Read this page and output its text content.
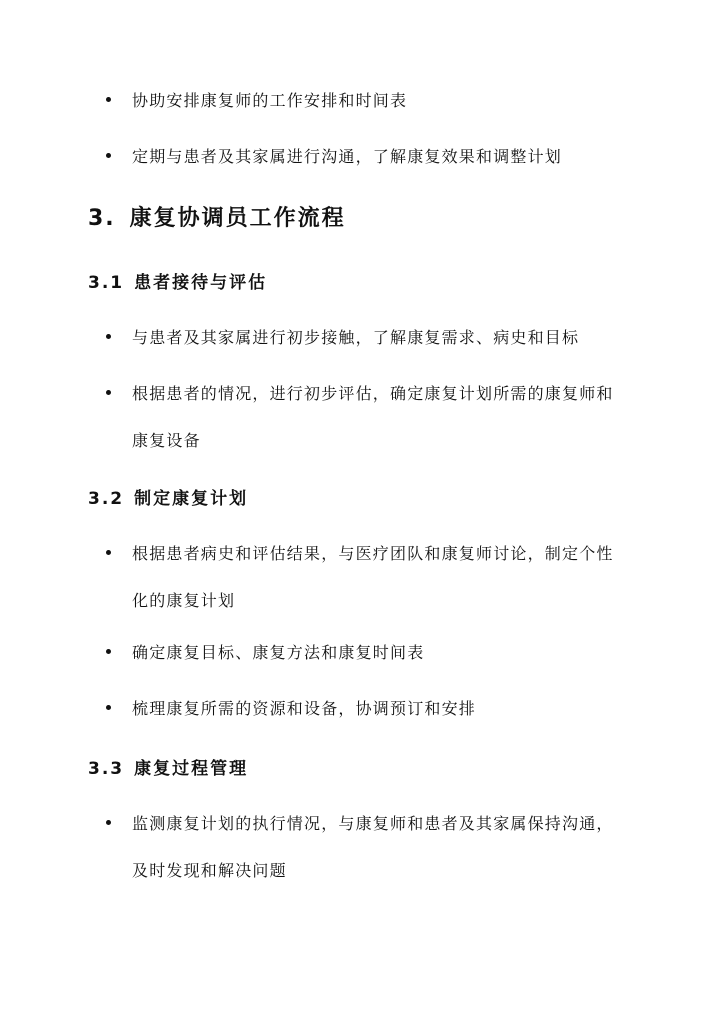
协助安排康复师的工作安排和时间表
定期与患者及其家属进行沟通，了解康复效果和调整计划
3. 康复协调员工作流程
3.1 患者接待与评估
与患者及其家属进行初步接触，了解康复需求、病史和目标
根据患者的情况，进行初步评估，确定康复计划所需的康复师和康复设备
3.2 制定康复计划
根据患者病史和评估结果，与医疗团队和康复师讨论，制定个性化的康复计划
确定康复目标、康复方法和康复时间表
梳理康复所需的资源和设备，协调预订和安排
3.3 康复过程管理
监测康复计划的执行情况，与康复师和患者及其家属保持沟通，及时发现和解决问题
